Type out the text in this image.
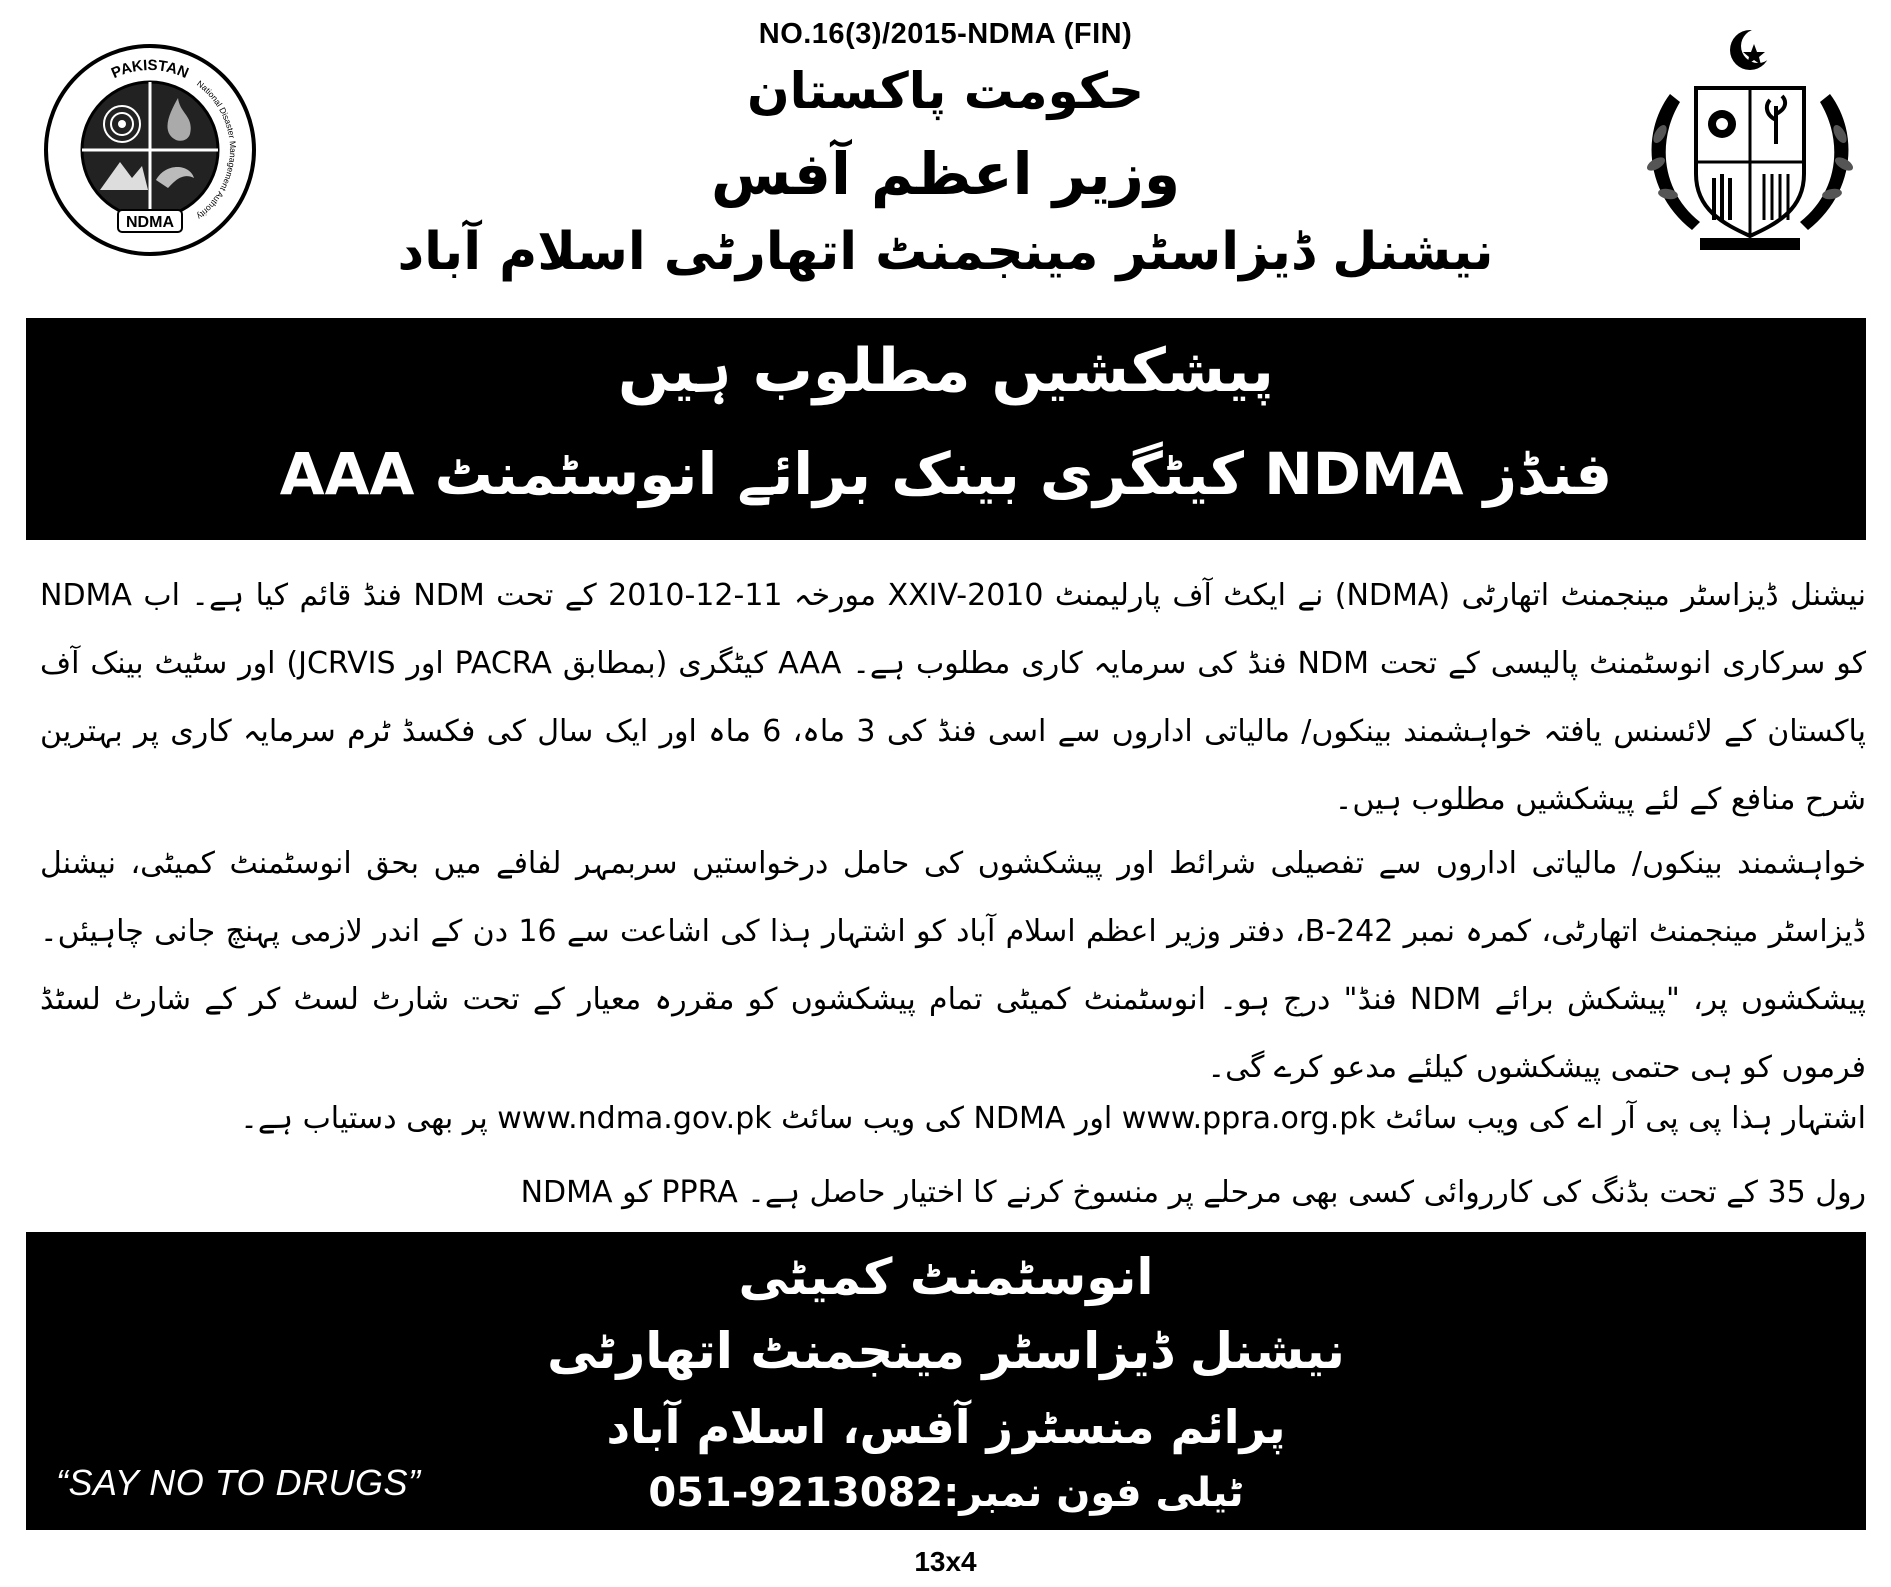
NO.16(3)/2015-NDMA (FIN)
حکومت پاکستان
وزیر اعظم آفس
نیشنل ڈیزاسٹر مینجمنٹ اتھارٹی اسلام آباد
PAKISTAN
National Disaster Management Authority
NDMA
پیشکشیں مطلوب ہیں
AAA کیٹگری بینک برائے انوسٹمنٹ NDMA فنڈز
نیشنل ڈیزاسٹر مینجمنٹ اتھارٹی (NDMA) نے ایکٹ آف پارلیمنٹ XXIV-2010 مورخہ 11-12-2010 کے تحت NDM فنڈ قائم کیا ہے۔ اب NDMA کو سرکاری انوسٹمنٹ پالیسی کے تحت NDM فنڈ کی سرمایہ کاری مطلوب ہے۔ AAA کیٹگری (بمطابق PACRA اور JCRVIS) اور سٹیٹ بینک آف پاکستان کے لائسنس یافتہ خواہشمند بینکوں/ مالیاتی اداروں سے اسی فنڈ کی 3 ماہ، 6 ماہ اور ایک سال کی فکسڈ ٹرم سرمایہ کاری پر بہترین شرح منافع کے لئے پیشکشیں مطلوب ہیں۔
خواہشمند بینکوں/ مالیاتی اداروں سے تفصیلی شرائط اور پیشکشوں کی حامل درخواستیں سربمہر لفافے میں بحق انوسٹمنٹ کمیٹی، نیشنل ڈیزاسٹر مینجمنٹ اتھارٹی، کمرہ نمبر B-242، دفتر وزیر اعظم اسلام آباد کو اشتہار ہذا کی اشاعت سے 16 دن کے اندر لازمی پہنچ جانی چاہیئں۔ پیشکشوں پر، "پیشکش برائے NDM فنڈ" درج ہو۔ انوسٹمنٹ کمیٹی تمام پیشکشوں کو مقررہ معیار کے تحت شارٹ لسٹ کر کے شارٹ لسٹڈ فرموں کو ہی حتمی پیشکشوں کیلئے مدعو کرے گی۔
اشتہار ہذا پی پی آر اے کی ویب سائٹ www.ppra.org.pk اور NDMA کی ویب سائٹ www.ndma.gov.pk پر بھی دستیاب ہے۔
NDMA کو PPRA رول 35 کے تحت بڈنگ کی کارروائی کسی بھی مرحلے پر منسوخ کرنے کا اختیار حاصل ہے۔
انوسٹمنٹ کمیٹی
نیشنل ڈیزاسٹر مینجمنٹ اتھارٹی
پرائم منسٹرز آفس، اسلام آباد
ٹیلی فون نمبر:051-9213082
“SAY NO TO DRUGS”
13x4
